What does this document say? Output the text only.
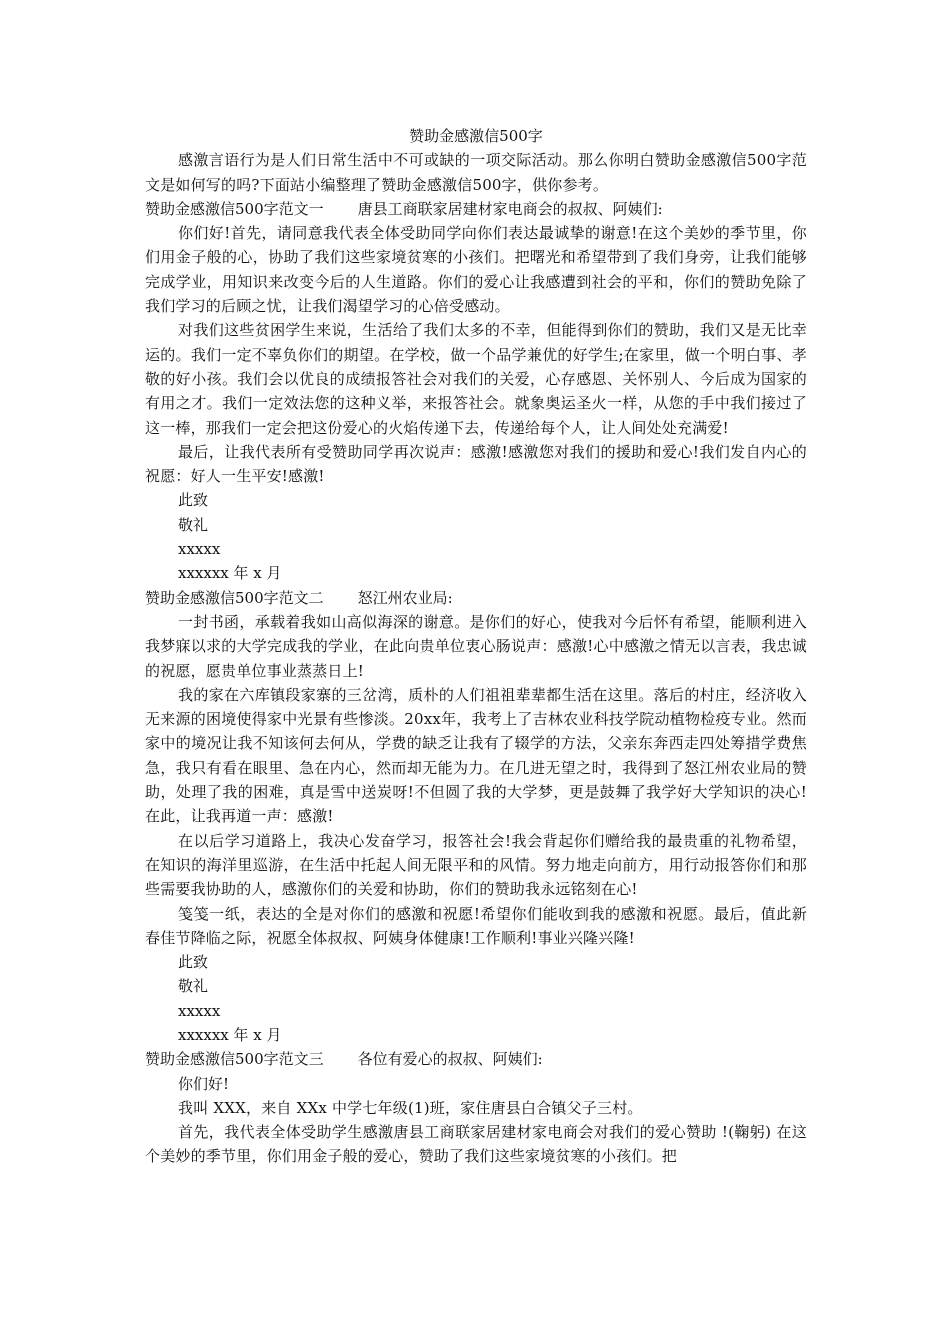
赞助金感激信500字

感激言语行为是人们日常生活中不可或缺的一项交际活动。那么你明白赞助金感激信500字范文是如何写的吗?下面站小编整理了赞助金感激信500字，供你参考。

赞助金感激信500字范文一 唐县工商联家居建材家电商会的叔叔、阿姨们:

你们好!首先，请同意我代表全体受助同学向你们表达最诚挚的谢意!在这个美妙的季节里，你们用金子般的心，协助了我们这些家境贫寒的小孩们。把曙光和希望带到了我们身旁，让我们能够完成学业，用知识来改变今后的人生道路。你们的爱心让我感遭到社会的平和，你们的赞助免除了我们学习的后顾之忧，让我们渴望学习的心倍受感动。

对我们这些贫困学生来说，生活给了我们太多的不幸，但能得到你们的赞助，我们又是无比幸运的。我们一定不辜负你们的期望。在学校，做一个品学兼优的好学生;在家里，做一个明白事、孝敬的好小孩。我们会以优良的成绩报答社会对我们的关爱，心存感恩、关怀别人、今后成为国家的有用之才。我们一定效法您的这种义举，来报答社会。就象奥运圣火一样，从您的手中我们接过了这一棒，那我们一定会把这份爱心的火焰传递下去，传递给每个人，让人间处处充满爱!

最后，让我代表所有受赞助同学再次说声：感激!感激您对我们的援助和爱心!我们发自内心的祝愿：好人一生平安!感激!

此致

敬礼

xxxxx

xxxxxx 年 x 月

赞助金感激信500字范文二 怒江州农业局:

一封书函，承载着我如山高似海深的谢意。是你们的好心，使我对今后怀有希望，能顺利进入我梦寐以求的大学完成我的学业，在此向贵单位衷心肠说声：感激!心中感激之情无以言表，我忠诚的祝愿，愿贵单位事业蒸蒸日上!

我的家在六库镇段家寨的三岔湾，质朴的人们祖祖辈辈都生活在这里。落后的村庄，经济收入无来源的困境使得家中光景有些惨淡。20xx年，我考上了吉林农业科技学院动植物检疫专业。然而家中的境况让我不知该何去何从，学费的缺乏让我有了辍学的方法，父亲东奔西走四处筹措学费焦急，我只有看在眼里、急在内心，然而却无能为力。在几进无望之时，我得到了怒江州农业局的赞助，处理了我的困难，真是雪中送炭呀!不但圆了我的大学梦，更是鼓舞了我学好大学知识的决心!在此，让我再道一声：感激!

在以后学习道路上，我决心发奋学习，报答社会!我会背起你们赠给我的最贵重的礼物希望，在知识的海洋里巡游，在生活中托起人间无限平和的风情。努力地走向前方，用行动报答你们和那些需要我协助的人，感激你们的关爱和协助，你们的赞助我永远铭刻在心!

笺笺一纸，表达的全是对你们的感激和祝愿!希望你们能收到我的感激和祝愿。最后，值此新春佳节降临之际，祝愿全体叔叔、阿姨身体健康!工作顺利!事业兴隆兴隆!

此致

敬礼

xxxxx

xxxxxx 年 x 月

赞助金感激信500字范文三 各位有爱心的叔叔、阿姨们:

你们好!

我叫 XXX，来自 XXx 中学七年级(1)班，家住唐县白合镇父子三村。

首先，我代表全体受助学生感激唐县工商联家居建材家电商会对我们的爱心赞助 !(鞠躬) 在这个美妙的季节里，你们用金子般的爱心，赞助了我们这些家境贫寒的小孩们。把
